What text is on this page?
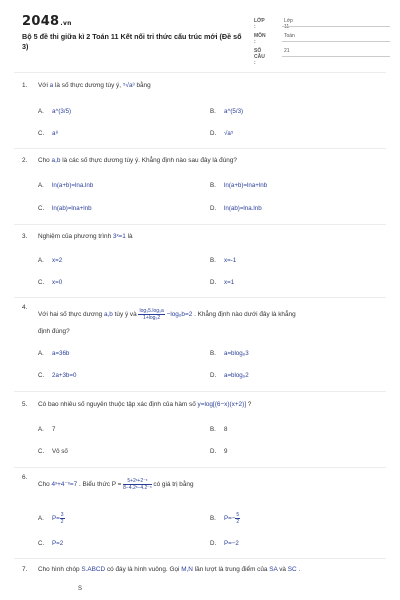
2048.vn
Bộ 5 đề thi giữa kì 2 Toán 11 Kết nối tri thức cấu trúc mới (Đề số 3)
LỚP :
Lớp 11
MÔN :
Toán
SỐ CÂU :
21
1. Với a là số thực dương tùy ý, ⁵√a³ bằng
A. a^(3/5)	B. a^(5/3)
C. a⁸	D. √a⁵
2. Cho a,b là các số thực dương tùy ý. Khẳng định nào sau đây là đúng?
A. ln(a+b)=lna.lnb	B. ln(a+b)=lna+lnb
C. ln(ab)=lna+lnb	D. ln(ab)=lna.lnb
3. Nghiệm của phương trình 3ˣ=1 là
A. x=2	B. x=-1
C. x=0	D. x=1
4.
Với hai số thực dương a,b tùy ý và $\frac{\text{log₃5.log₅a}}{\text{1+log₅2}} -\log_6b=2$ . Khẳng định nào dưới đây là khẳng
định đúng?
A. a=36b	B. a=blog₆3
C. 2a+3b=0	D. a=blog₆2
5. Có bao nhiêu số nguyên thuộc tập xác định của hàm số y=log[(6−x)(x+2)] ?
A. 7	B. 8
C. Vô số	D. 9
6.
Cho 4ˣ+4⁻ˣ=7 . Biểu thức $P = \frac{\text{5+2ˣ+2⁻ˣ}}{\text{8−4.2ˣ−4.2⁻ˣ}}$ có giá trị bằng
A. $P= \frac{3}{2}$	B. $P=- \frac{5}{2}$
C. P=2	D. P=−2
7. Cho hình chóp S.ABCD có đáy là hình vuông. Gọi M,N lần lượt là trung điểm của SA và SC .
S
